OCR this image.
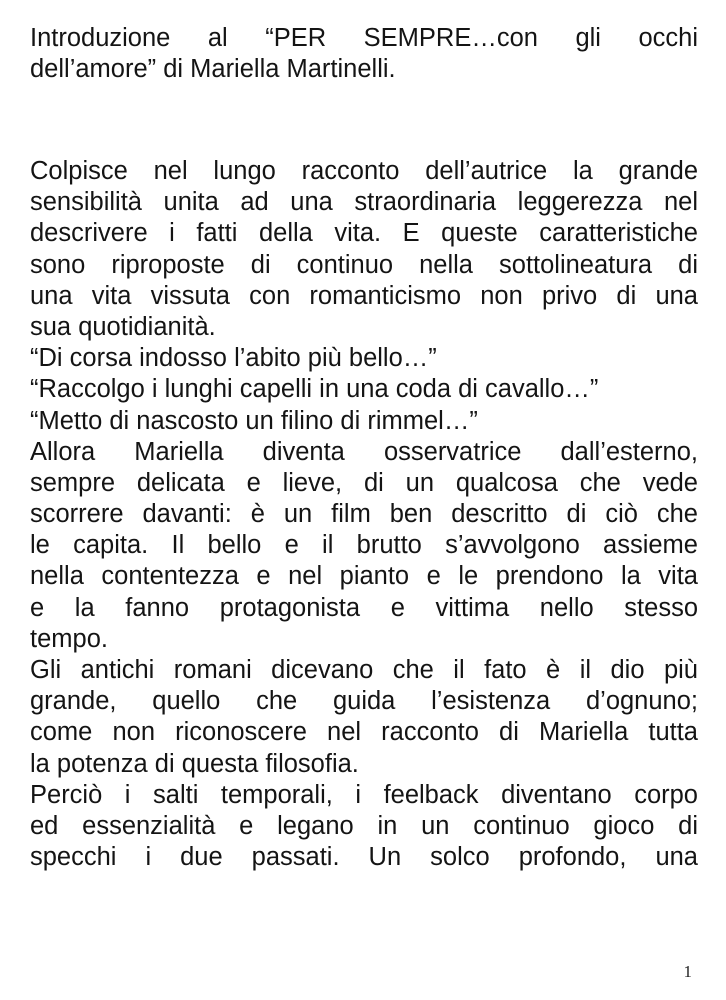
Introduzione al “PER SEMPRE…con gli occhi
dell’amore” di Mariella Martinelli.
Colpisce nel lungo racconto dell’autrice la grande
sensibilità unita ad una straordinaria leggerezza nel
descrivere i fatti della vita. E queste caratteristiche
sono riproposte di continuo nella sottolineatura di
una vita vissuta con romanticismo non privo di una
sua quotidianità.
“Di corsa indosso l’abito più bello…”
“Raccolgo i lunghi capelli in una coda di cavallo…”
“Metto di nascosto un filino di rimmel…”
Allora Mariella diventa osservatrice dall’esterno,
sempre delicata e lieve, di un qualcosa che vede
scorrere davanti: è un film ben descritto di ciò che
le capita. Il bello e il brutto s’avvolgono assieme
nella contentezza e nel pianto e le prendono la vita
e la fanno protagonista e vittima nello stesso
tempo.
Gli antichi romani dicevano che il fato è il dio più
grande, quello che guida l’esistenza d’ognuno;
come non riconoscere nel racconto di Mariella tutta
la potenza di questa filosofia.
Perciò i salti temporali, i feelback diventano corpo
ed essenzialità e legano in un continuo gioco di
specchi i due passati. Un solco profondo, una
1
